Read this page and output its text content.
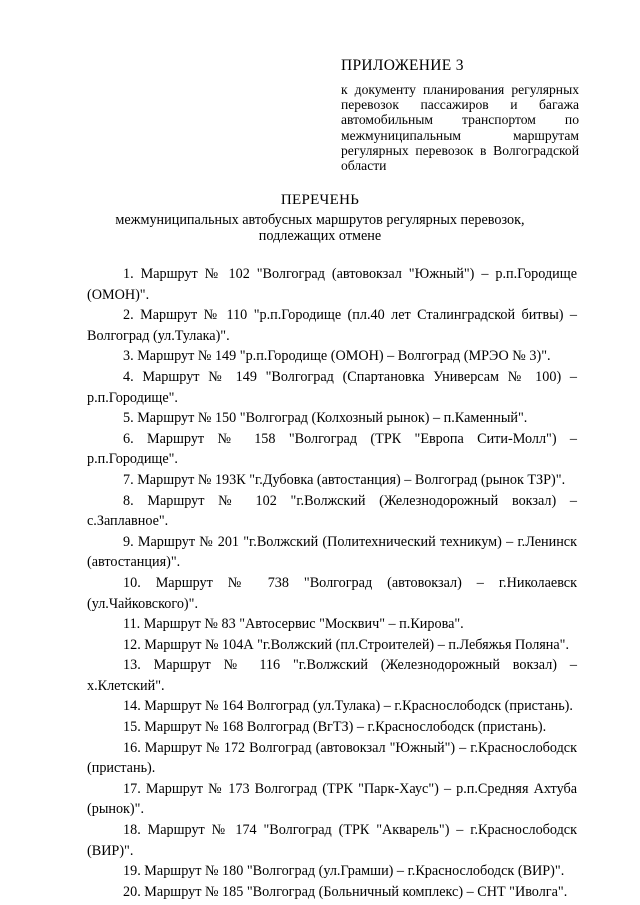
ПРИЛОЖЕНИЕ 3
к документу планирования регулярных перевозок пассажиров и багажа автомобильным транспортом по межмуниципальным маршрутам регулярных перевозок в Волгоградской области
ПЕРЕЧЕНЬ
межмуниципальных автобусных маршрутов регулярных перевозок, подлежащих отмене
1. Маршрут № 102 "Волгоград (автовокзал "Южный") – р.п.Городище (ОМОН)".
2. Маршрут № 110 "р.п.Городище (пл.40 лет Сталинградской битвы) – Волгоград (ул.Тулака)".
3. Маршрут № 149 "р.п.Городище (ОМОН) – Волгоград (МРЭО № 3)".
4. Маршрут № 149 "Волгоград (Спартановка Универсам № 100) – р.п.Городище".
5. Маршрут № 150 "Волгоград (Колхозный рынок) – п.Каменный".
6. Маршрут № 158 "Волгоград (ТРК "Европа Сити-Молл") – р.п.Городище".
7. Маршрут № 193К "г.Дубовка (автостанция) – Волгоград (рынок ТЗР)".
8. Маршрут № 102 "г.Волжский (Железнодорожный вокзал) – с.Заплавное".
9. Маршрут № 201 "г.Волжский (Политехнический техникум) – г.Ленинск (автостанция)".
10. Маршрут № 738 "Волгоград (автовокзал) – г.Николаевск (ул.Чайковского)".
11. Маршрут № 83 "Автосервис "Москвич" – п.Кирова".
12. Маршрут № 104А "г.Волжский (пл.Строителей) – п.Лебяжья Поляна".
13. Маршрут № 116 "г.Волжский (Железнодорожный вокзал) – х.Клетский".
14. Маршрут № 164 Волгоград (ул.Тулака) – г.Краснослободск (пристань).
15. Маршрут № 168 Волгоград (ВгТЗ) – г.Краснослободск (пристань).
16. Маршрут № 172 Волгоград (автовокзал "Южный") – г.Краснослободск (пристань).
17. Маршрут № 173 Волгоград (ТРК "Парк-Хаус") – р.п.Средняя Ахтуба (рынок)".
18. Маршрут № 174 "Волгоград (ТРК "Акварель") – г.Краснослободск (ВИР)".
19. Маршрут № 180 "Волгоград (ул.Грамши) – г.Краснослободск (ВИР)".
20. Маршрут № 185 "Волгоград (Больничный комплекс) – СНТ "Иволга".
